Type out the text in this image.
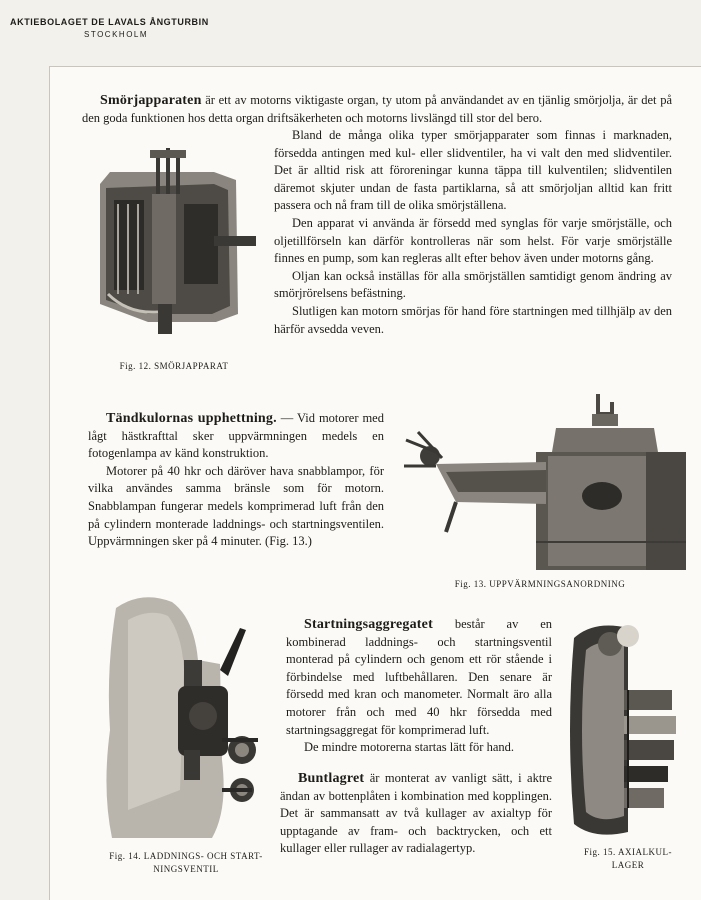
AKTIEBOLAGET DE LAVALS ÅNGTURBIN
STOCKHOLM

Smörjapparaten är ett av motorns viktigaste organ, ty utom på användandet av en tjänlig smörjolja, är det på den goda funktionen hos detta organ driftsäkerheten och motorns livslängd till stor del bero.

Fig. 12. SMÖRJAPPARAT

Bland de många olika typer smörjapparater som finnas i marknaden, försedda antingen med kul- eller slidventiler, ha vi valt den med slidventiler. Det är alltid risk att föroreningar kunna täppa till kulventilen; slidventilen däremot skjuter undan de fasta partiklarna, så att smörjoljan alltid kan fritt passera och nå fram till de olika smörjställena.

Den apparat vi använda är försedd med synglas för varje smörjställe, och oljetillförseln kan därför kontrolleras när som helst. För varje smörjställe finnes en pump, som kan regleras allt efter behov även under motorns gång.

Oljan kan också inställas för alla smörjställen samtidigt genom ändring av smörjrörelsens befästning.

Slutligen kan motorn smörjas för hand före startningen med tillhjälp av den härför avsedda veven.

Tändkulornas upphettning. — Vid motorer med lågt hästkrafttal sker uppvärmningen medels en fotogenlampa av känd konstruktion.

Motorer på 40 hkr och däröver hava snabblampor, för vilka användes samma bränsle som för motorn. Snabblampan fungerar medels komprimerad luft från den på cylindern monterade laddnings- och startningsventilen. Uppvärmningen sker på 4 minuter. (Fig. 13.)

Fig. 13. UPPVÄRMNINGSANORDNING
Fig. 14. LADDNINGS- OCH START-
NINGSVENTIL

Startningsaggregatet består av en kombinerad laddnings- och startningsventil monterad på cylindern och genom ett rör stående i förbindelse med luftbehållaren. Den senare är försedd med kran och manometer. Normalt äro alla motorer från och med 40 hkr försedda med startningsaggregat för komprimerad luft.

De mindre motorerna startas lätt för hand.

Buntlagret är monterat av vanligt sätt, i aktre ändan av bottenplåten i kombination med kopplingen. Det är sammansatt av två kullager av axialtyp för upptagande av fram- och backtrycken, och ett kullager eller rullager av radialagertyp.	Fig. 15. AXIALKUL-
LAGER
